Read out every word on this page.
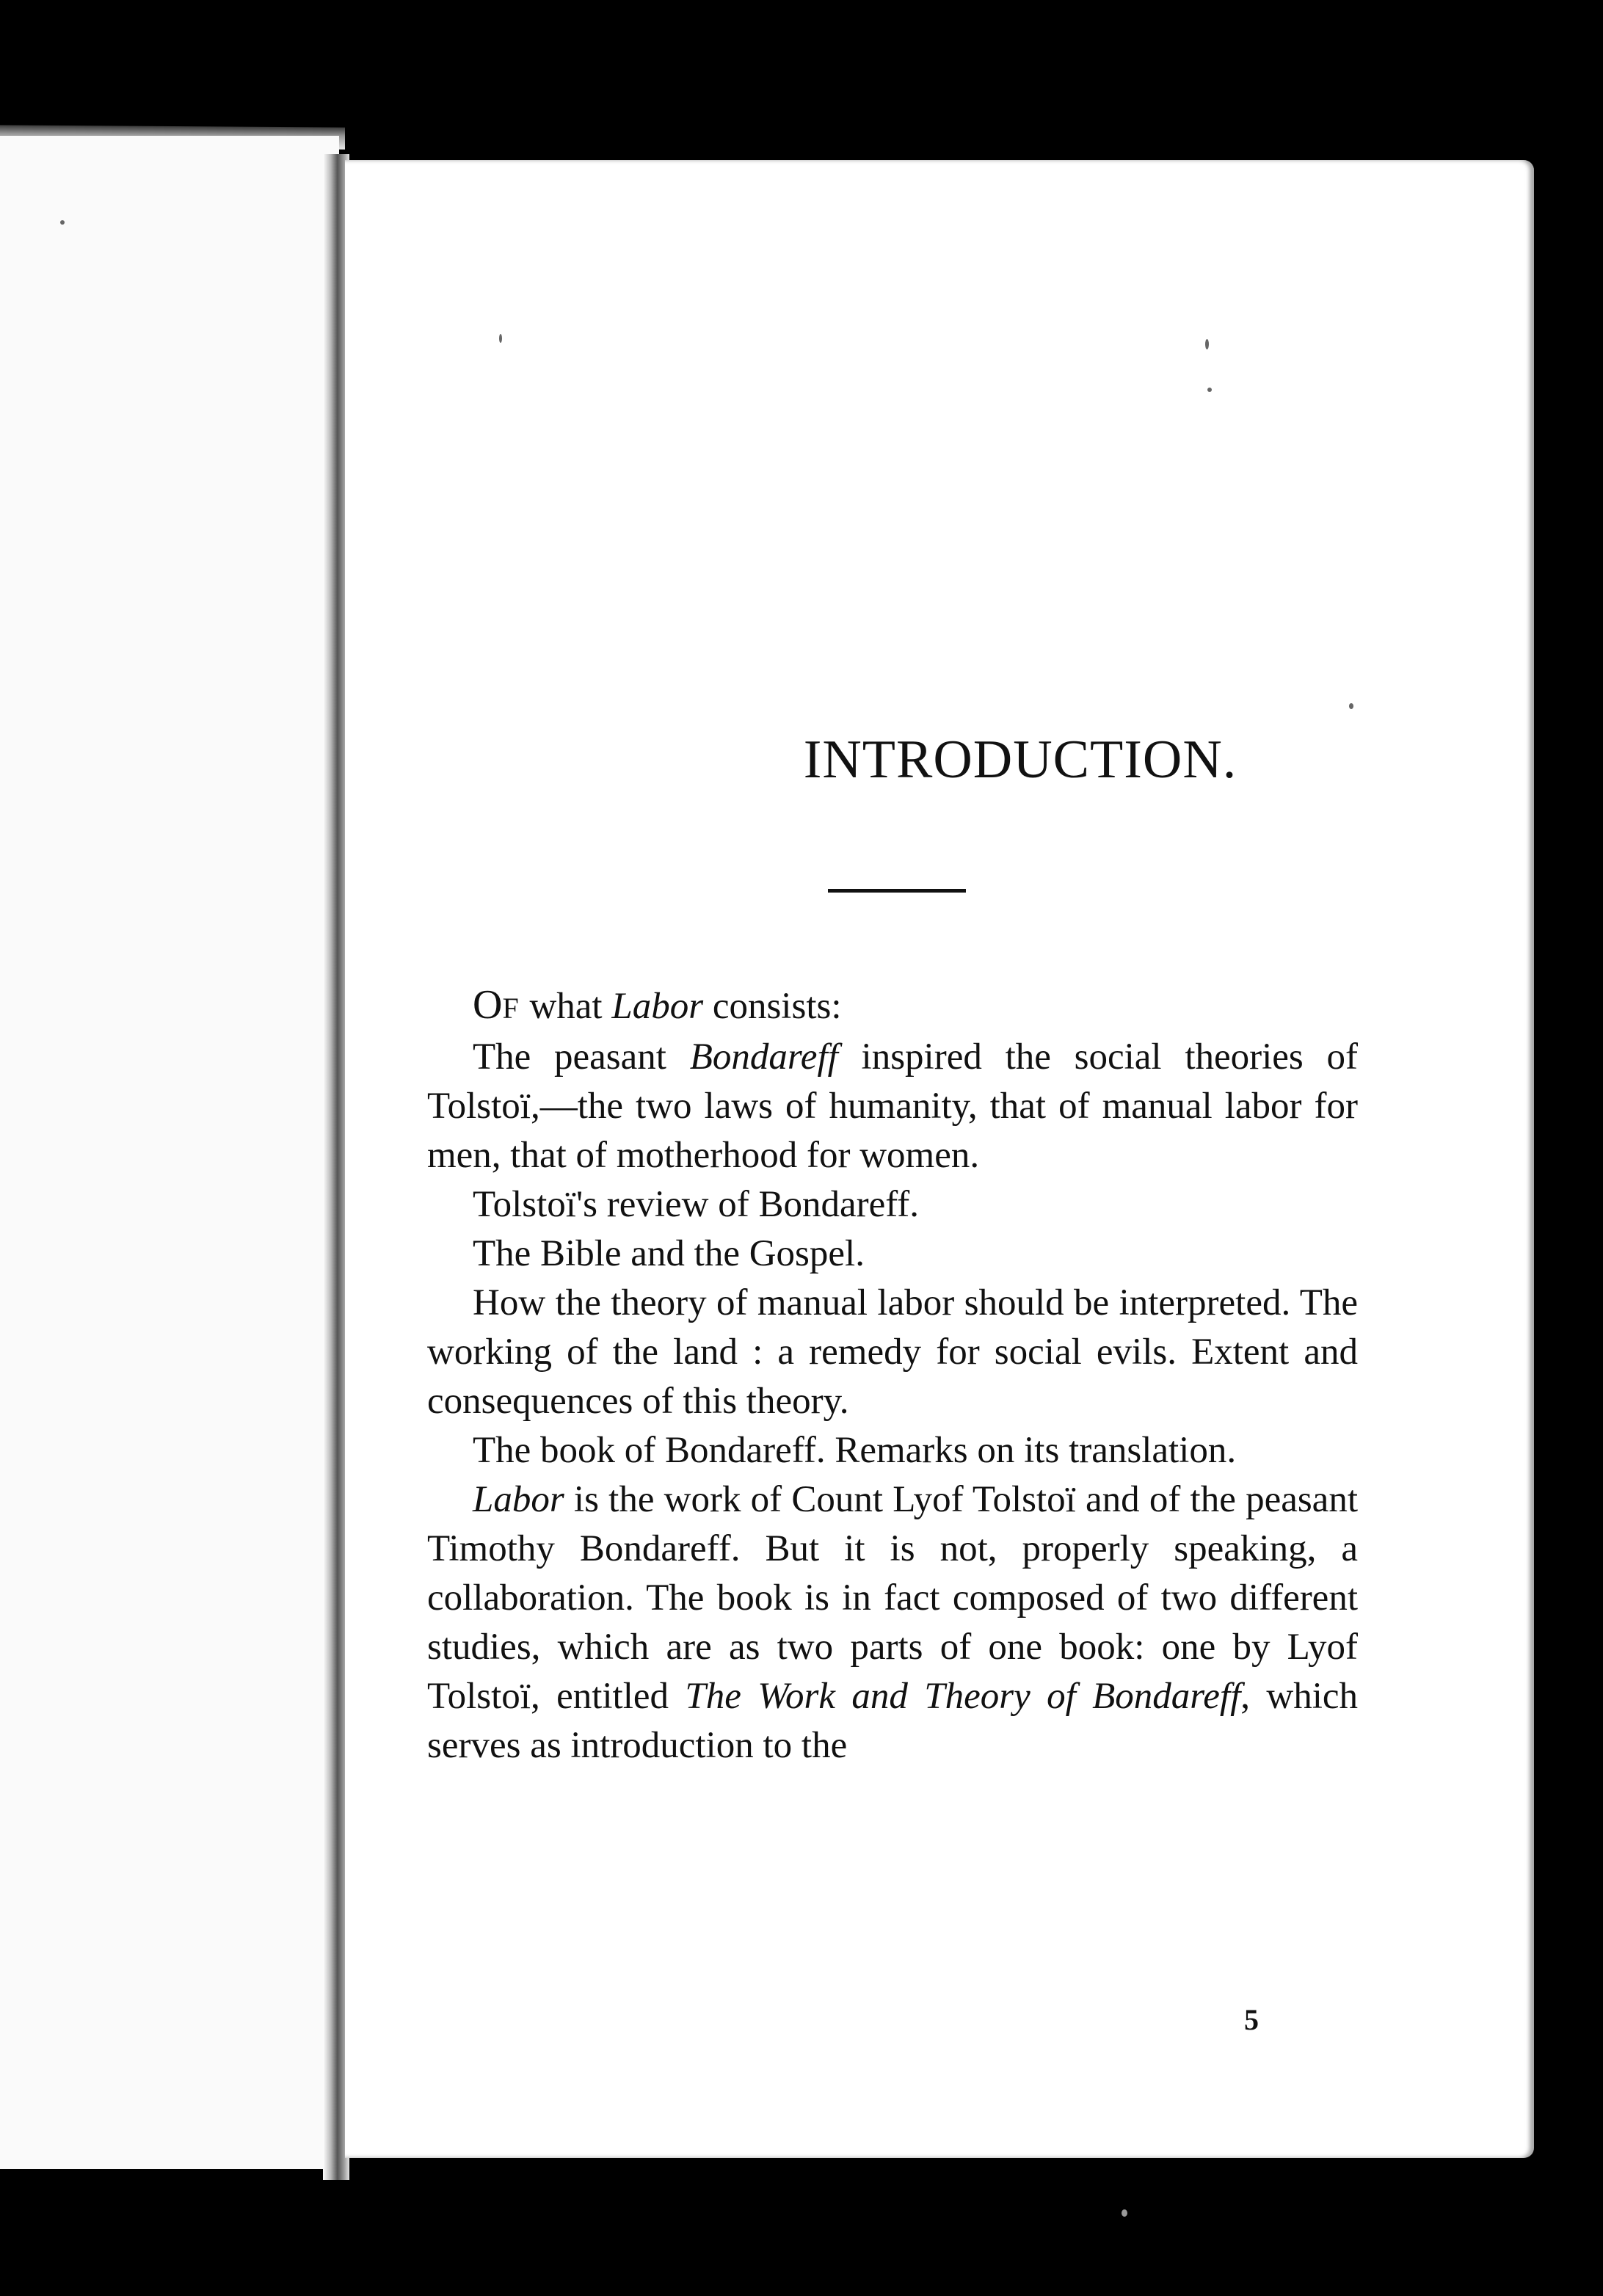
INTRODUCTION.

OF what Labor consists:

The peasant Bondareff inspired the social theories of Tolstoï,—the two laws of humanity, that of manual labor for men, that of motherhood for women.

Tolstoï's review of Bondareff.

The Bible and the Gospel.

How the theory of manual labor should be interpreted. The working of the land : a remedy for social evils. Extent and consequences of this theory.

The book of Bondareff. Remarks on its translation.

Labor is the work of Count Lyof Tolstoï and of the peasant Timothy Bondareff. But it is not, properly speaking, a collaboration. The book is in fact composed of two different studies, which are as two parts of one book: one by Lyof Tolstoï, entitled The Work and Theory of Bondareff, which serves as introduction to the

5
